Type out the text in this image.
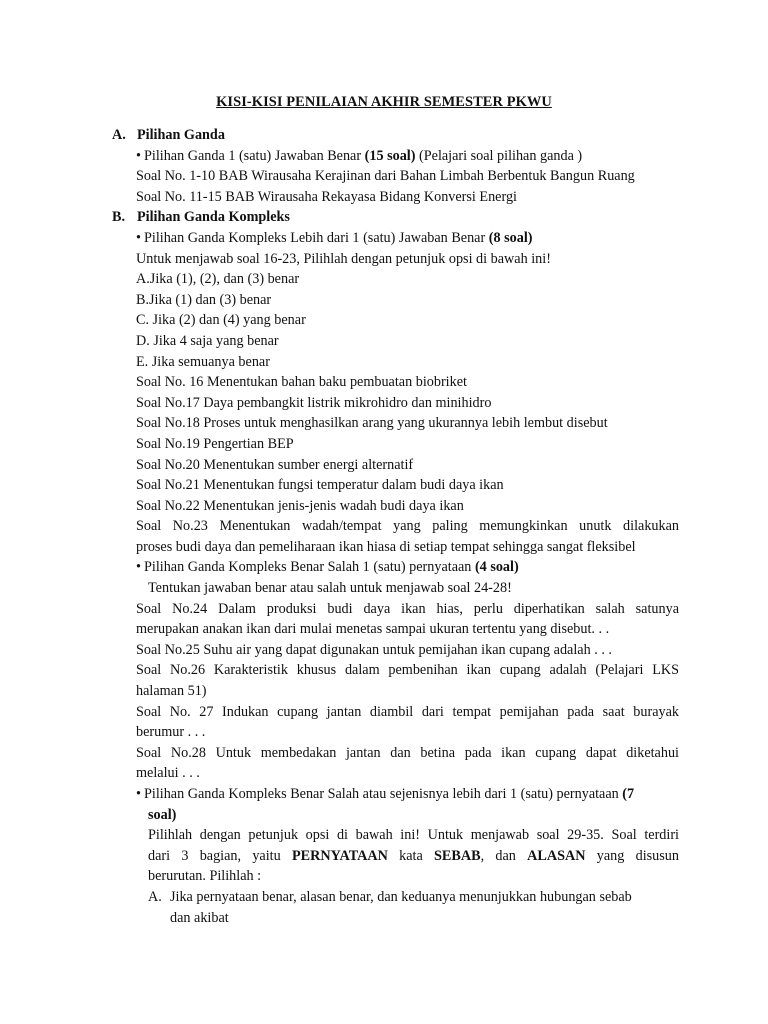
KISI-KISI PENILAIAN AKHIR SEMESTER PKWU
A. Pilihan Ganda
• Pilihan Ganda 1 (satu) Jawaban Benar (15 soal) (Pelajari soal pilihan ganda )
Soal No. 1-10 BAB Wirausaha Kerajinan dari Bahan Limbah Berbentuk Bangun Ruang
Soal No. 11-15 BAB Wirausaha Rekayasa Bidang Konversi Energi
B. Pilihan Ganda Kompleks
• Pilihan Ganda Kompleks Lebih dari 1 (satu) Jawaban Benar (8 soal)
Untuk menjawab soal 16-23, Pilihlah dengan petunjuk opsi di bawah ini!
A.Jika (1), (2), dan (3) benar
B.Jika (1) dan (3) benar
C. Jika (2) dan (4) yang benar
D. Jika 4 saja yang benar
E. Jika semuanya benar
Soal No. 16 Menentukan bahan baku pembuatan biobriket
Soal No.17 Daya pembangkit listrik mikrohidro dan minihidro
Soal No.18 Proses untuk menghasilkan arang yang ukurannya lebih lembut disebut
Soal No.19 Pengertian BEP
Soal No.20 Menentukan sumber energi alternatif
Soal No.21 Menentukan fungsi temperatur dalam budi daya ikan
Soal No.22 Menentukan jenis-jenis wadah budi daya ikan
Soal No.23 Menentukan wadah/tempat yang paling memungkinkan unutk dilakukan
proses budi daya dan pemeliharaan ikan hiasa di setiap tempat sehingga sangat fleksibel
• Pilihan Ganda Kompleks Benar Salah 1 (satu) pernyataan (4 soal)
Tentukan jawaban benar atau salah untuk menjawab soal 24-28!
Soal No.24 Dalam produksi budi daya ikan hias, perlu diperhatikan salah satunya
merupakan anakan ikan dari mulai menetas sampai ukuran tertentu yang disebut. . .
Soal No.25 Suhu air yang dapat digunakan untuk pemijahan ikan cupang adalah . . .
Soal No.26 Karakteristik khusus dalam pembenihan ikan cupang adalah (Pelajari LKS
halaman 51)
Soal No. 27 Indukan cupang jantan diambil dari tempat pemijahan pada saat burayak
berumur . . .
Soal No.28 Untuk membedakan jantan dan betina pada ikan cupang dapat diketahui
melalui . . .
• Pilihan Ganda Kompleks Benar Salah atau sejenisnya lebih dari 1 (satu) pernyataan (7
soal)
Pilihlah dengan petunjuk opsi di bawah ini! Untuk menjawab soal 29-35. Soal terdiri
dari 3 bagian, yaitu PERNYATAAN kata SEBAB, dan ALASAN yang disusun
berurutan. Pilihlah :
A. Jika pernyataan benar, alasan benar, dan keduanya menunjukkan hubungan sebab
dan akibat
